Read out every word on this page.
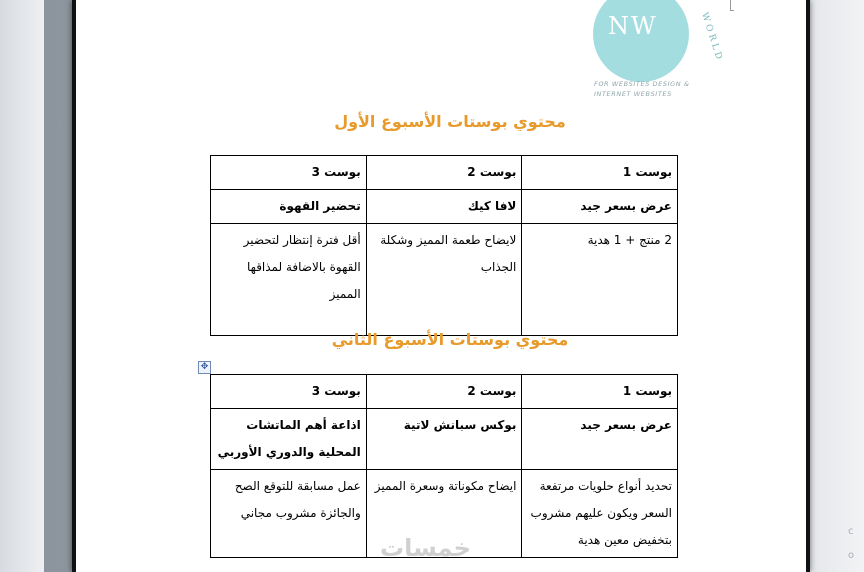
NW	WORLD
FOR WEBSITES DESIGN & INTERNET WEBSITES
محتوي بوستات الأسبوع الأول
بوست 1	بوست 2	بوست 3
عرض بسعر جيد	لافا كيك	تحضير القهوة
2 منتج + 1 هدية	لايضاح طعمة المميز وشكلة الجذاب	أقل فترة إنتظار لتحضير القهوة بالاضافة لمذاقها المميز
محتوي بوستات الأسبوع الثاني
بوست 1	بوست 2	بوست 3
عرض بسعر جيد	بوكس سبانش لاتية	اذاعة أهم الماتشات المحلية والدوري الأوربي
تحديد أنواع حلويات مرتفعة السعر ويكون عليهم مشروب بتخفيض معين هدية	ايضاح مكوناتة وسعرة المميز	عمل مسابقة للتوقع الصح والجائزة مشروب مجاني
خمسات
✥
c
o
